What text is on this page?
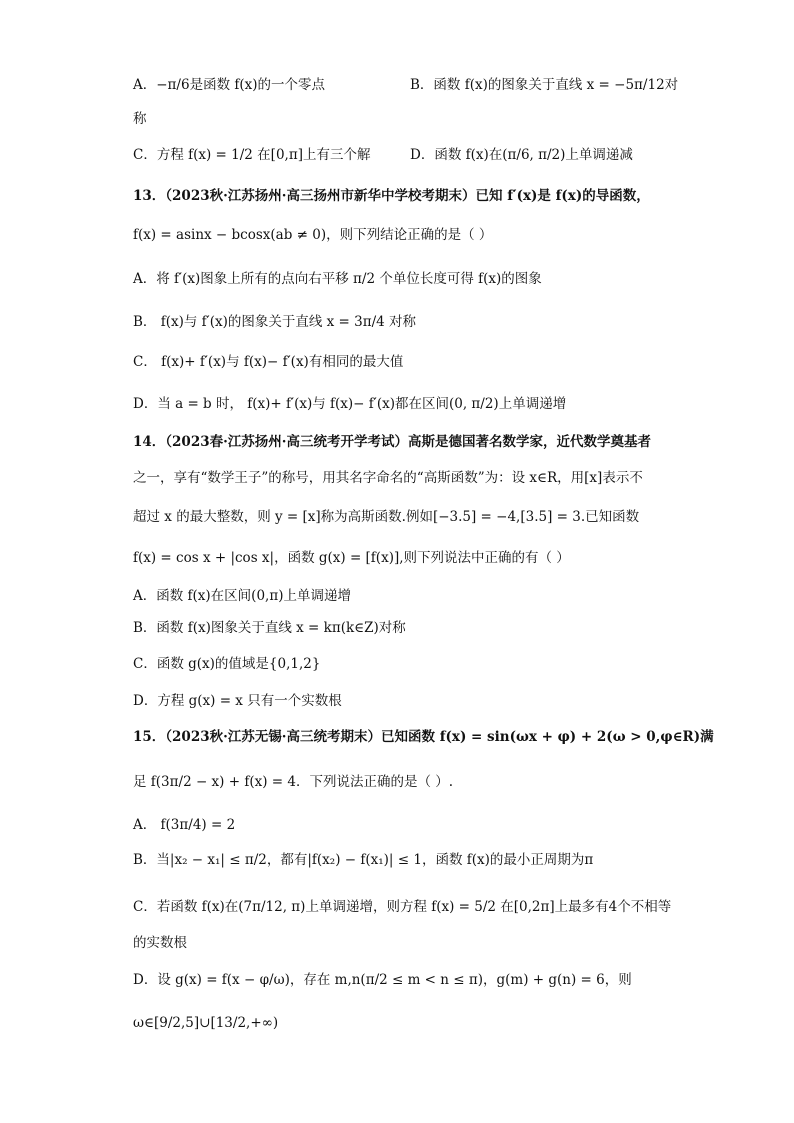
A．−π/6是函数 f(x)的一个零点	B．函数 f(x)的图象关于直线 x = −5π/12对
称
C．方程 f(x) = 1/2 在[0,π]上有三个解	D．函数 f(x)在(π/6, π/2)上单调递减
13．（2023秋·江苏扬州·高三扬州市新华中学校考期末）已知 f′(x)是 f(x)的导函数，
f(x) = asinx − bcosx(ab ≠ 0)，则下列结论正确的是（ ）
A．将 f′(x)图象上所有的点向右平移 π/2 个单位长度可得 f(x)的图象
B． f(x)与 f′(x)的图象关于直线 x = 3π/4 对称
C． f(x)+ f′(x)与 f(x)− f′(x)有相同的最大值
D．当 a = b 时， f(x)+ f′(x)与 f(x)− f′(x)都在区间(0, π/2)上单调递增
14．（2023春·江苏扬州·高三统考开学考试）高斯是德国著名数学家，近代数学奠基者
之一，享有“数学王子”的称号，用其名字命名的“高斯函数”为：设 x∈R，用[x]表示不
超过 x 的最大整数，则 y = [x]称为高斯函数.例如[−3.5] = −4,[3.5] = 3.已知函数
f(x) = cos x + |cos x|，函数 g(x) = [f(x)],则下列说法中正确的有（ ）
A．函数 f(x)在区间(0,π)上单调递增
B．函数 f(x)图象关于直线 x = kπ(k∈Z)对称
C．函数 g(x)的值域是{0,1,2}
D．方程 g(x) = x 只有一个实数根
15．（2023秋·江苏无锡·高三统考期末）已知函数 f(x) = sin(ωx + φ) + 2(ω > 0,φ∈R)满
足 f(3π/2 − x) + f(x) = 4．下列说法正确的是（ ）.
A． f(3π/4) = 2
B．当|x₂ − x₁| ≤ π/2，都有|f(x₂) − f(x₁)| ≤ 1，函数 f(x)的最小正周期为π
C．若函数 f(x)在(7π/12, π)上单调递增，则方程 f(x) = 5/2 在[0,2π]上最多有4个不相等
的实数根
D．设 g(x) = f(x − φ/ω)，存在 m,n(π/2 ≤ m < n ≤ π)，g(m) + g(n) = 6，则
ω∈[9/2,5]∪[13/2,+∞)
